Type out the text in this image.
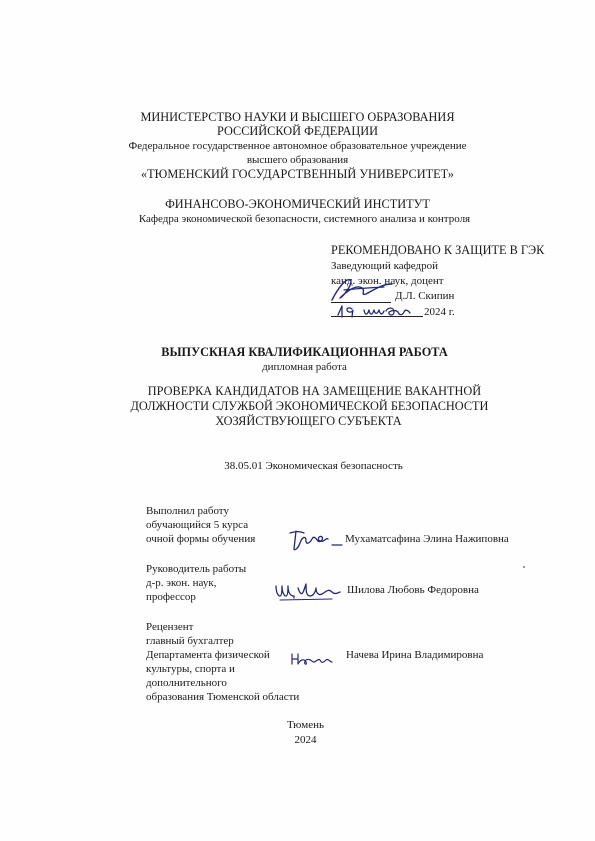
МИНИСТЕРСТВО НАУКИ И ВЫСШЕГО ОБРАЗОВАНИЯ
РОССИЙСКОЙ ФЕДЕРАЦИИ
Федеральное государственное автономное образовательное учреждение
высшего образования
«ТЮМЕНСКИЙ ГОСУДАРСТВЕННЫЙ УНИВЕРСИТЕТ»
ФИНАНСОВО-ЭКОНОМИЧЕСКИЙ ИНСТИТУТ
Кафедра экономической безопасности, системного анализа и контроля
РЕКОМЕНДОВАНО К ЗАЩИТЕ В ГЭК
Заведующий кафедрой
канд. экон. наук, доцент
Д.Л. Скипин
2024 г.
ВЫПУСКНАЯ КВАЛИФИКАЦИОННАЯ РАБОТА
дипломная работа
ПРОВЕРКА КАНДИДАТОВ НА ЗАМЕЩЕНИЕ ВАКАНТНОЙ
ДОЛЖНОСТИ СЛУЖБОЙ ЭКОНОМИЧЕСКОЙ БЕЗОПАСНОСТИ
ХОЗЯЙСТВУЮЩЕГО СУБЪЕКТА
38.05.01 Экономическая безопасность
Выполнил работу
обучающийся 5 курса
очной формы обучения	Мухаматсафина Элина Нажиповна
Руководитель работы
д-р. экон. наук,
профессор
Шилова Любовь Федоровна
Рецензент
главный бухгалтер
Департамента физической
культуры, спорта и
дополнительного
образования Тюменской области
Начева Ирина Владимировна
Тюмень
2024
